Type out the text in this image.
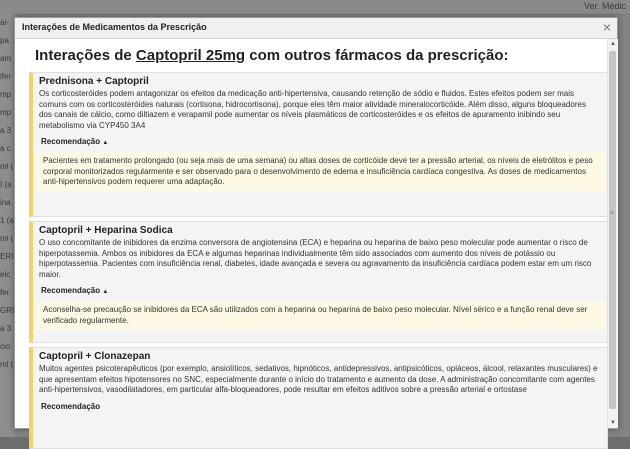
Interações de Medicamentos da Prescrição	×
Interações de Captopril 25mg com outros fármacos da prescrição:
Prednisona + Captopril
Os corticosteróides podem antagonizar os efeitos da medicação anti-hipertensiva, causando retenção de sódio e fluidos. Estes efeitos podem ser mais comuns com os corticosteróides naturais (cortisona, hidrocortisona), porque eles têm maior atividade mineralocorticóide. Além disso, alguns bloqueadores dos canais de cálcio, como diltiazem e verapamil pode aumentar os níveis plasmáticos de corticosteróides e os efeitos de apuramento inibindo seu metabolismo via CYP450 3A4
Recomendação ▲
Pacientes em tratamento prolongado (ou seja mais de uma semana) ou altas doses de corticóide deve ter a pressão arterial, os níveis de eletrólitos e peso corporal monitorizados regularmente e ser observado para o desenvolvimento de edema e insuficiência cardíaca congestiva. As doses de medicamentos anti-hipertensivos podem requerer uma adaptação.
Captopril + Heparina Sodica
O uso concomitante de inibidores da enzima conversora de angiotensina (ECA) e heparina ou heparina de baixo peso molecular pode aumentar o risco de hiperpotassemia. Ambos os inibidores da ECA e algumas heparinas individualmente têm sido associados com aumento dos níveis de potássio ou hiperpotassemia. Pacientes com insuficiência renal, diabetes, idade avançada e severa ou agravamento da insuficiência cardíaca podem estar em um risco maior.
Recomendação ▲
Aconselha-se precaução se inibidores da ECA são utilizados com a heparina ou heparina de baixo peso molecular. Nível sérico e a função renal deve ser verificado regularmente.
Captopril + Clonazepan
Muitos agentes psicoterapêuticos (por exemplo, ansiolíticos, sedativos, hipnóticos, antidepressivos, antipsicóticos, opiáceos, álcool, relaxantes musculares) e que apresentam efeitos hipotensores no SNC, especialmente durante o início do tratamento e aumento da dose. A administração concomitante com agentes anti-hipertensivos, vasodilatadores, em particular alfa-bloqueadores, pode resultar em efeitos aditivos sobre a pressão arterial e ortostase
Recomendação
▲
≡
▼
